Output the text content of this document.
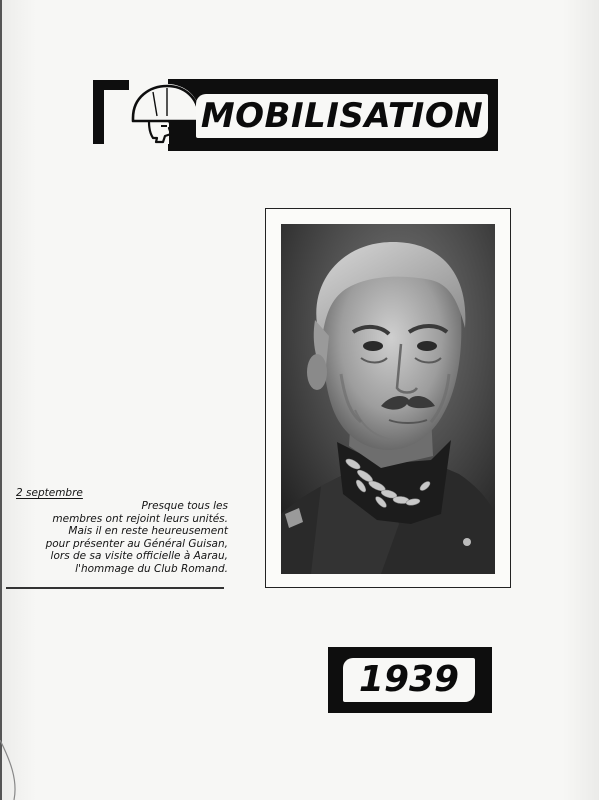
MOBILISATION
2 septembre
Presque tous les
membres ont rejoint leurs unités.
Mais il en reste heureusement
pour présenter au Général Guisan,
lors de sa visite officielle à Aarau,
l'hommage du Club Romand.
1939
